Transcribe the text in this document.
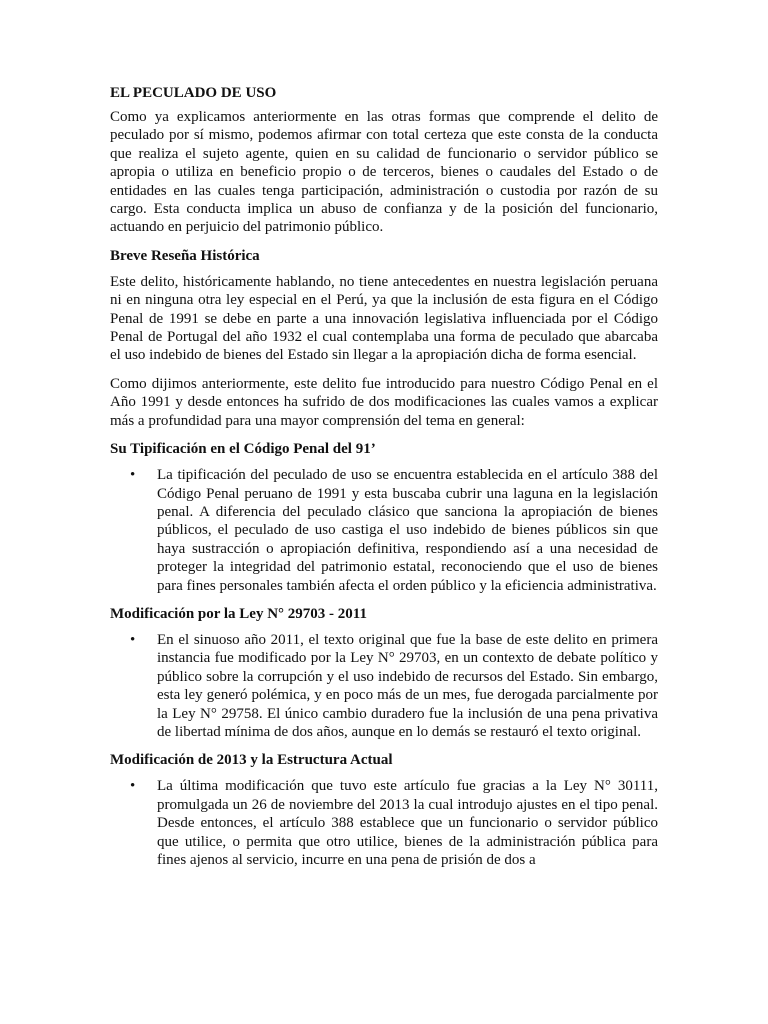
EL PECULADO DE USO

Como ya explicamos anteriormente en las otras formas que comprende el delito de peculado por sí mismo, podemos afirmar con total certeza que este consta de la conducta que realiza el sujeto agente, quien en su calidad de funcionario o servidor público se apropia o utiliza en beneficio propio o de terceros, bienes o caudales del Estado o de entidades en las cuales tenga participación, administración o custodia por razón de su cargo. Esta conducta implica un abuso de confianza y de la posición del funcionario, actuando en perjuicio del patrimonio público.

Breve Reseña Histórica

Este delito, históricamente hablando, no tiene antecedentes en nuestra legislación peruana ni en ninguna otra ley especial en el Perú, ya que la inclusión de esta figura en el Código Penal de 1991 se debe en parte a una innovación legislativa influenciada por el Código Penal de Portugal del año 1932 el cual contemplaba una forma de peculado que abarcaba el uso indebido de bienes del Estado sin llegar a la apropiación dicha de forma esencial.

Como dijimos anteriormente, este delito fue introducido para nuestro Código Penal en el Año 1991 y desde entonces ha sufrido de dos modificaciones las cuales vamos a explicar más a profundidad para una mayor comprensión del tema en general:

Su Tipificación en el Código Penal del 91’
• La tipificación del peculado de uso se encuentra establecida en el artículo 388 del Código Penal peruano de 1991 y esta buscaba cubrir una laguna en la legislación penal. A diferencia del peculado clásico que sanciona la apropiación de bienes públicos, el peculado de uso castiga el uso indebido de bienes públicos sin que haya sustracción o apropiación definitiva, respondiendo así a una necesidad de proteger la integridad del patrimonio estatal, reconociendo que el uso de bienes para fines personales también afecta el orden público y la eficiencia administrativa.
Modificación por la Ley N° 29703 - 2011
• En el sinuoso año 2011, el texto original que fue la base de este delito en primera instancia fue modificado por la Ley N° 29703, en un contexto de debate político y público sobre la corrupción y el uso indebido de recursos del Estado. Sin embargo, esta ley generó polémica, y en poco más de un mes, fue derogada parcialmente por la Ley N° 29758. El único cambio duradero fue la inclusión de una pena privativa de libertad mínima de dos años, aunque en lo demás se restauró el texto original.
Modificación de 2013 y la Estructura Actual
• La última modificación que tuvo este artículo fue gracias a la Ley N° 30111, promulgada un 26 de noviembre del 2013 la cual introdujo ajustes en el tipo penal. Desde entonces, el artículo 388 establece que un funcionario o servidor público que utilice, o permita que otro utilice, bienes de la administración pública para fines ajenos al servicio, incurre en una pena de prisión de dos a
